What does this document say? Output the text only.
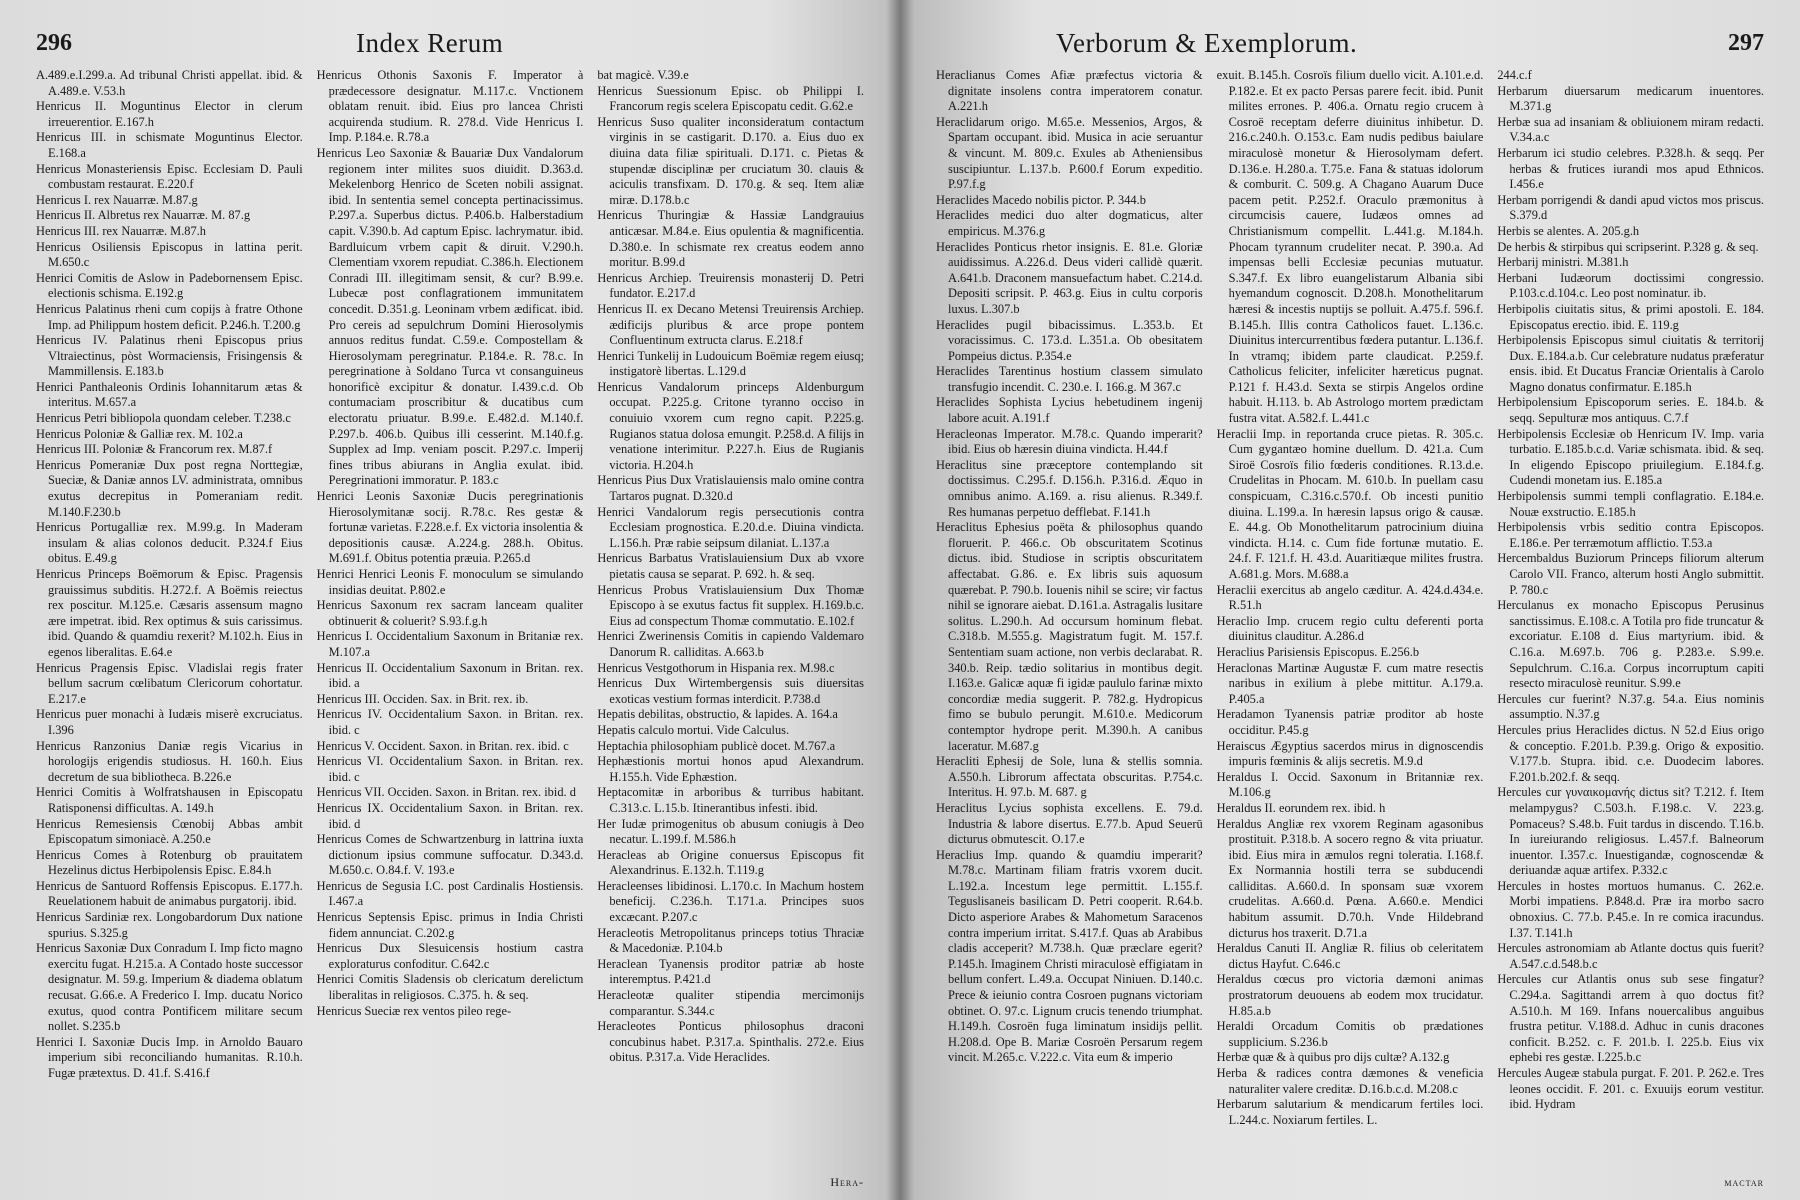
296	Index Rerum

A.489.e.I.299.a. Ad tribunal Christi appellat. ibid. & A.489.e. V.53.h

Henricus II. Moguntinus Elector in clerum irreuerentior. E.167.h

Henricus III. in schismate Moguntinus Elector. E.168.a

Henricus Monasteriensis Episc. Ecclesiam D. Pauli combustam restaurat. E.220.f

Henricus I. rex Nauarræ. M.87.g

Henricus II. Albretus rex Nauarræ. M. 87.g

Henricus III. rex Nauarræ. M.87.h

Henricus Osiliensis Episcopus in lattina perit. M.650.c

Henrici Comitis de Aslow in Padebornensem Episc. electionis schisma. E.192.g

Henricus Palatinus rheni cum copijs à fratre Othone Imp. ad Philippum hostem deficit. P.246.h. T.200.g

Henricus IV. Palatinus rheni Episcopus prius Vltraiectinus, pòst Wormaciensis, Frisingensis & Mammillensis. E.183.b

Henrici Panthaleonis Ordinis Iohannitarum ætas & interitus. M.657.a

Henricus Petri bibliopola quondam celeber. T.238.c

Henricus Poloniæ & Galliæ rex. M. 102.a

Henricus III. Poloniæ & Francorum rex. M.87.f

Henricus Pomeraniæ Dux post regna Norttegiæ, Sueciæ, & Daniæ annos LV. administrata, omnibus exutus decrepitus in Pomeraniam redit. M.140.F.230.b

Henricus Portugalliæ rex. M.99.g. In Maderam insulam & alias colonos deducit. P.324.f Eius obitus. E.49.g

Henricus Princeps Boëmorum & Episc. Pragensis grauissimus subditis. H.272.f. A Boëmis reiectus rex poscitur. M.125.e. Cæsaris assensum magno ære impetrat. ibid. Rex optimus & suis carissimus. ibid. Quando & quamdiu rexerit? M.102.h. Eius in egenos liberalitas. E.64.e

Henricus Pragensis Episc. Vladislai regis frater bellum sacrum cœlibatum Clericorum cohortatur. E.217.e

Henricus puer monachi à Iudæis miserè excruciatus. I.396

Henricus Ranzonius Daniæ regis Vicarius in horologijs erigendis studiosus. H. 160.h. Eius decretum de sua bibliotheca. B.226.e

Henrici Comitis à Wolfratshausen in Episcopatu Ratisponensi difficultas. A. 149.h

Henricus Remesiensis Cœnobij Abbas ambit Episcopatum simoniacè. A.250.e

Henricus Comes à Rotenburg ob prauitatem Hezelinus dictus Herbipolensis Episc. E.84.h

Henricus de Santuord Roffensis Episcopus. E.177.h. Reuelationem habuit de animabus purgatorij. ibid.

Henricus Sardiniæ rex. Longobardorum Dux natione spurius. S.325.g

Henricus Saxoniæ Dux Conradum I. Imp ficto magno exercitu fugat. H.215.a. A Contado hoste successor designatur. M. 59.g. Imperium & diadema oblatum recusat. G.66.e. A Frederico I. Imp. ducatu Norico exutus, quod contra Pontificem militare secum nollet. S.235.b

Henrici I. Saxoniæ Ducis Imp. in Arnoldo Bauaro imperium sibi reconciliando humanitas. R.10.h. Fugæ prætextus. D. 41.f. S.416.f

Henricus Othonis Saxonis F. Imperator à prædecessore designatur. M.117.c. Vnctionem oblatam renuit. ibid. Eius pro lancea Christi acquirenda studium. R. 278.d. Vide Henricus I. Imp. P.184.e. R.78.a

Henricus Leo Saxoniæ & Bauariæ Dux Vandalorum regionem inter milites suos diuidit. D.363.d. Mekelenborg Henrico de Sceten nobili assignat. ibid. In sententia semel concepta pertinacissimus. P.297.a. Superbus dictus. P.406.b. Halberstadium capit. V.390.b. Ad captum Episc. lachrymatur. ibid. Bardluicum vrbem capit & diruit. V.290.h. Clementiam vxorem repudiat. C.386.h. Electionem Conradi III. illegitimam sensit, & cur? B.99.e. Lubecæ post conflagrationem immunitatem concedit. D.351.g. Leoninam vrbem ædificat. ibid. Pro cereis ad sepulchrum Domini Hierosolymis annuos reditus fundat. C.59.e. Compostellam & Hierosolymam peregrinatur. P.184.e. R. 78.c. In peregrinatione à Soldano Turca vt consanguineus honorificè excipitur & donatur. I.439.c.d. Ob contumaciam proscribitur & ducatibus cum electoratu priuatur. B.99.e. E.482.d. M.140.f. P.297.b. 406.b. Quibus illi cesserint. M.140.f.g. Supplex ad Imp. veniam poscit. P.297.c. Imperij fines tribus abiurans in Anglia exulat. ibid. Peregrinationi immoratur. P. 183.c

Henrici Leonis Saxoniæ Ducis peregrinationis Hierosolymitanæ socij. R.78.c. Res gestæ & fortunæ varietas. F.228.e.f. Ex victoria insolentia & depositionis causæ. A.224.g. 288.h. Obitus. M.691.f. Obitus potentia præuia. P.265.d

Henrici Henrici Leonis F. monoculum se simulando insidias deuitat. P.802.e

Henricus Saxonum rex sacram lanceam qualiter obtinuerit & coluerit? S.93.f.g.h

Henricus I. Occidentalium Saxonum in Britaniæ rex. M.107.a

Henricus II. Occidentalium Saxonum in Britan. rex. ibid. a

Henricus III. Occiden. Sax. in Brit. rex. ib.

Henricus IV. Occidentalium Saxon. in Britan. rex. ibid. c

Henricus V. Occident. Saxon. in Britan. rex. ibid. c

Henricus VI. Occidentalium Saxon. in Britan. rex. ibid. c

Henricus VII. Occiden. Saxon. in Britan. rex. ibid. d

Henricus IX. Occidentalium Saxon. in Britan. rex. ibid. d

Henricus Comes de Schwartzenburg in lattrina iuxta dictionum ipsius commune suffocatur. D.343.d. M.650.c. O.84.f. V. 193.e

Henricus de Segusia I.C. post Cardinalis Hostiensis. I.467.a

Henricus Septensis Episc. primus in India Christi fidem annunciat. C.202.g

Henricus Dux Slesuicensis hostium castra exploraturus confoditur. C.642.c

Henrici Comitis Sladensis ob clericatum derelictum liberalitas in religiosos. C.375. h. & seq.

Henricus Sueciæ rex ventos pileo rege-

bat magicè. V.39.e

Henricus Suessionum Episc. ob Philippi I. Francorum regis scelera Episcopatu cedit. G.62.e

Henricus Suso qualiter inconsideratum contactum virginis in se castigarit. D.170. a. Eius duo ex diuina data filiæ spirituali. D.171. c. Pietas & stupendæ disciplinæ per cruciatum 30. clauis & aciculis transfixam. D. 170.g. & seq. Item aliæ miræ. D.178.b.c

Henricus Thuringiæ & Hassiæ Landgrauius anticæsar. M.84.e. Eius opulentia & magnificentia. D.380.e. In schismate rex creatus eodem anno moritur. B.99.d

Henricus Archiep. Treuirensis monasterij D. Petri fundator. E.217.d

Henricus II. ex Decano Metensi Treuirensis Archiep. ædificijs pluribus & arce prope pontem Confluentinum extructa clarus. E.218.f

Henrici Tunkelij in Ludouicum Boëmiæ regem eiusq; instigatorè libertas. L.129.d

Henricus Vandalorum princeps Aldenburgum occupat. P.225.g. Critone tyranno occiso in conuiuio vxorem cum regno capit. P.225.g. Rugianos statua dolosa emungit. P.258.d. A filijs in venatione interimitur. P.227.h. Eius de Rugianis victoria. H.204.h

Henricus Pius Dux Vratislauiensis malo omine contra Tartaros pugnat. D.320.d

Henrici Vandalorum regis persecutionis contra Ecclesiam prognostica. E.20.d.e. Diuina vindicta. L.156.h. Præ rabie seipsum dilaniat. L.137.a

Henricus Barbatus Vratislauiensium Dux ab vxore pietatis causa se separat. P. 692. h. & seq.

Henricus Probus Vratislauiensium Dux Thomæ Episcopo à se exutus factus fit supplex. H.169.b.c. Eius ad conspectum Thomæ commutatio. E.102.f

Henrici Zwerinensis Comitis in capiendo Valdemaro Danorum R. calliditas. A.663.b

Henricus Vestgothorum in Hispania rex. M.98.c

Henricus Dux Wirtembergensis suis diuersitas exoticas vestium formas interdicit. P.738.d

Hepatis debilitas, obstructio, & lapides. A. 164.a

Hepatis calculo mortui. Vide Calculus.

Heptachia philosophiam publicè docet. M.767.a

Hephæstionis mortui honos apud Alexandrum. H.155.h. Vide Ephæstion.

Heptacomitæ in arboribus & turribus habitant. C.313.c. L.15.b. Itinerantibus infesti. ibid.

Her Iudæ primogenitus ob abusum coniugis à Deo necatur. L.199.f. M.586.h

Heracleas ab Origine conuersus Episcopus fit Alexandrinus. E.132.h. T.119.g

Heracleenses libidinosi. L.170.c. In Machum hostem beneficij. C.236.h. T.171.a. Principes suos excæcant. P.207.c

Heracleotis Metropolitanus princeps totius Thraciæ & Macedoniæ. P.104.b

Heraclean Tyanensis proditor patriæ ab hoste interemptus. P.421.d

Heracleotæ qualiter stipendia mercimonijs comparantur. S.344.c

Heracleotes Ponticus philosophus draconi concubinus habet. P.317.a. Spinthalis. 272.e. Eius obitus. P.317.a. Vide Heraclides.

Hera-
Verborum & Exemplorum.	297

Heraclianus Comes Afiæ præfectus victoria & dignitate insolens contra imperatorem conatur. A.221.h

Heraclidarum origo. M.65.e. Messenios, Argos, & Spartam occupant. ibid. Musica in acie seruantur & vincunt. M. 809.c. Exules ab Atheniensibus suscipiuntur. L.137.b. P.600.f Eorum expeditio. P.97.f.g

Heraclides Macedo nobilis pictor. P. 344.b

Heraclides medici duo alter dogmaticus, alter empiricus. M.376.g

Heraclides Ponticus rhetor insignis. E. 81.e. Gloriæ auidissimus. A.226.d. Deus videri callidè quærit. A.641.b. Draconem mansuefactum habet. C.214.d. Depositi scripsit. P. 463.g. Eius in cultu corporis luxus. L.307.b

Heraclides pugil bibacissimus. L.353.b. Et voracissimus. C. 173.d. L.351.a. Ob obesitatem Pompeius dictus. P.354.e

Heraclides Tarentinus hostium classem simulato transfugio incendit. C. 230.e. I. 166.g. M 367.c

Heraclides Sophista Lycius hebetudinem ingenij labore acuit. A.191.f

Heracleonas Imperator. M.78.c. Quando imperarit? ibid. Eius ob hæresin diuina vindicta. H.44.f

Heraclitus sine præceptore contemplando sit doctissimus. C.295.f. D.156.h. P.316.d. Æquo in omnibus animo. A.169. a. risu alienus. R.349.f. Res humanas perpetuo defflebat. F.141.h

Heraclitus Ephesius poëta & philosophus quando floruerit. P. 466.c. Ob obscuritatem Scotinus dictus. ibid. Studiose in scriptis obscuritatem affectabat. G.86. e. Ex libris suis aquosum quærebat. P. 790.b. Iouenis nihil se scire; vir factus nihil se ignorare aiebat. D.161.a. Astragalis lusitare solitus. L.290.h. Ad occursum hominum flebat. C.318.b. M.555.g. Magistratum fugit. M. 157.f. Sententiam suam actione, non verbis declarabat. R. 340.b. Reip. tædio solitarius in montibus degit. I.163.e. Galicæ aquæ fi igidæ paululo farinæ mixto concordiæ media suggerit. P. 782.g. Hydropicus fimo se bubulo perungit. M.610.e. Medicorum contemptor hydrope perit. M.390.h. A canibus laceratur. M.687.g

Heracliti Ephesij de Sole, luna & stellis somnia. A.550.h. Librorum affectata obscuritas. P.754.c. Interitus. H. 97.b. M. 687. g

Heraclitus Lycius sophista excellens. E. 79.d. Industria & labore disertus. E.77.b. Apud Seuerū dicturus obmutescit. O.17.e

Heraclius Imp. quando & quamdiu imperarit? M.78.c. Martinam filiam fratris vxorem ducit. L.192.a. Incestum lege permittit. L.155.f. Teguslisaneis basilicam D. Petri cooperit. R.64.b. Dicto asperiore Arabes & Mahometum Saracenos contra imperium irritat. S.417.f. Quas ab Arabibus cladis acceperit? M.738.h. Quæ præclare egerit? P.145.h. Imaginem Christi miraculosè effigiatam in bellum confert. L.49.a. Occupat Niniuen. D.140.c. Prece & ieiunio contra Cosroen pugnans victoriam obtinet. O. 97.c. Lignum crucis tenendo triumphat. H.149.h. Cosroën fuga liminatum insidijs pellit. H.208.d. Ope B. Mariæ Cosroën Persarum regem vincit. M.265.c. V.222.c. Vita eum & imperio

exuit. B.145.h. Cosroïs filium duello vicit. A.101.e.d. P.182.e. Et ex pacto Persas parere fecit. ibid. Punit milites errones. P. 406.a. Ornatu regio crucem à Cosroë receptam deferre diuinitus inhibetur. D. 216.c.240.h. O.153.c. Eam nudis pedibus baiulare miraculosè monetur & Hierosolymam defert. D.136.e. H.280.a. T.75.e. Fana & statuas idolorum & comburit. C. 509.g. A Chagano Auarum Duce pacem petit. P.252.f. Oraculo præmonitus à circumcisis cauere, Iudæos omnes ad Christianismum compellit. L.441.g. M.184.h. Phocam tyrannum crudeliter necat. P. 390.a. Ad impensas belli Ecclesiæ pecunias mutuatur. S.347.f. Ex libro euangelistarum Albania sibi hyemandum cognoscit. D.208.h. Monothelitarum hæresi & incestis nuptijs se polluit. A.475.f. 596.f. B.145.h. Illis contra Catholicos fauet. L.136.c. Diuinitus intercurrentibus fœdera putantur. L.136.f. In vtramq; ibidem parte claudicat. P.259.f. Catholicus feliciter, infeliciter hæreticus pugnat. P.121 f. H.43.d. Sexta se stirpis Angelos ordine habuit. H.113. b. Ab Astrologo mortem prædictam fustra vitat. A.582.f. L.441.c

Heraclii Imp. in reportanda cruce pietas. R. 305.c. Cum gygantæo homine duellum. D. 421.a. Cum Siroë Cosroïs filio fœderis conditiones. R.13.d.e. Crudelitas in Phocam. M. 610.b. In puellam casu conspicuam, C.316.c.570.f. Ob incesti punitio diuina. L.199.a. In hæresin lapsus origo & causæ. E. 44.g. Ob Monothelitarum patrocinium diuina vindicta. H.14. c. Cum fide fortunæ mutatio. E. 24.f. F. 121.f. H. 43.d. Auaritiæque milites frustra. A.681.g. Mors. M.688.a

Heraclii exercitus ab angelo cæditur. A. 424.d.434.e. R.51.h

Heraclio Imp. crucem regio cultu deferenti porta diuinitus clauditur. A.286.d

Heraclius Parisiensis Episcopus. E.256.b

Heraclonas Martinæ Augustæ F. cum matre resectis naribus in exilium à plebe mittitur. A.179.a. P.405.a

Heradamon Tyanensis patriæ proditor ab hoste occiditur. P.45.g

Heraiscus Ægyptius sacerdos mirus in dignoscendis impuris fœminis & alijs secretis. M.9.d

Heraldus I. Occid. Saxonum in Britanniæ rex. M.106.g

Heraldus II. eorundem rex. ibid. h

Heraldus Angliæ rex vxorem Reginam agasonibus prostituit. P.318.b. A socero regno & vita priuatur. ibid. Eius mira in æmulos regni toleratia. I.168.f. Ex Normannia hostili terra se subducendi calliditas. A.660.d. In sponsam suæ vxorem crudelitas. A.660.d. Pœna. A.660.e. Mendici habitum assumit. D.70.h. Vnde Hildebrand dicturus hos traxerit. D.71.a

Heraldus Canuti II. Angliæ R. filius ob celeritatem dictus Hayfut. C.646.c

Heraldus cœcus pro victoria dæmoni animas prostratorum deuouens ab eodem mox trucidatur. H.85.a.b

Heraldi Orcadum Comitis ob prædationes supplicium. S.236.b

Herbæ quæ & à quibus pro dijs cultæ? A.132.g

Herba & radices contra dæmones & veneficia naturaliter valere creditæ. D.16.b.c.d. M.208.c

Herbarum salutarium & mendicarum fertiles loci. L.244.c. Noxiarum fertiles. L.

244.c.f

Herbarum diuersarum medicarum inuentores. M.371.g

Herbæ sua ad insaniam & obliuionem miram redacti. V.34.a.c

Herbarum ici studio celebres. P.328.h. & seqq. Per herbas & frutices iurandi mos apud Ethnicos. I.456.e

Herbam porrigendi & dandi apud victos mos priscus. S.379.d

Herbis se alentes. A. 205.g.h

De herbis & stirpibus qui scripserint. P.328 g. & seq.

Herbarij ministri. M.381.h

Herbani Iudæorum doctissimi congressio. P.103.c.d.104.c. Leo post nominatur. ib.

Herbipolis ciuitatis situs, & primi apostoli. E. 184. Episcopatus erectio. ibid. E. 119.g

Herbipolensis Episcopus simul ciuitatis & territorij Dux. E.184.a.b. Cur celebrature nudatus præferatur ensis. ibid. Et Ducatus Franciæ Orientalis à Carolo Magno donatus confirmatur. E.185.h

Herbipolensium Episcoporum series. E. 184.b. & seqq. Sepulturæ mos antiquus. C.7.f

Herbipolensis Ecclesiæ ob Henricum IV. Imp. varia turbatio. E.185.b.c.d. Variæ schismata. ibid. & seq. In eligendo Episcopo priuilegium. E.184.f.g. Cudendi monetam ius. E.185.a

Herbipolensis summi templi conflagratio. E.184.e. Nouæ exstructio. E.185.h

Herbipolensis vrbis seditio contra Episcopos. E.186.e. Per terræmotum afflictio. T.53.a

Hercembaldus Buziorum Princeps filiorum alterum Carolo VII. Franco, alterum hosti Anglo submittit. P. 780.c

Herculanus ex monacho Episcopus Perusinus sanctissimus. E.108.c. A Totila pro fide truncatur & excoriatur. E.108 d. Eius martyrium. ibid. & C.16.a. M.697.b. 706 g. P.283.e. S.99.e. Sepulchrum. C.16.a. Corpus incorruptum capiti resecto miraculosè reunitur. S.99.e

Hercules cur fuerint? N.37.g. 54.a. Eius nominis assumptio. N.37.g

Hercules prius Heraclides dictus. N 52.d Eius origo & conceptio. F.201.b. P.39.g. Origo & expositio. V.177.b. Stupra. ibid. c.e. Duodecim labores. F.201.b.202.f. & seqq.

Hercules cur γυναικομανής dictus sit? T.212. f. Item melampygus? C.503.h. F.198.c. V. 223.g. Pomaceus? S.48.b. Fuit tardus in discendo. T.16.b. In iureiurando religiosus. L.457.f. Balneorum inuentor. I.357.c. Inuestigandæ, cognoscendæ & deriuandæ aquæ artifex. P.332.c

Hercules in hostes mortuos humanus. C. 262.e. Morbi impatiens. P.848.d. Præ ira morbo sacro obnoxius. C. 77.b. P.45.e. In re comica iracundus. I.37. T.141.h

Hercules astronomiam ab Atlante doctus quis fuerit? A.547.c.d.548.b.c

Hercules cur Atlantis onus sub sese fingatur? C.294.a. Sagittandi arrem à quo doctus fit? A.510.h. M 169. Infans nouercalibus anguibus frustra petitur. V.188.d. Adhuc in cunis dracones conficit. B.252. c. F. 201.b. I. 225.b. Eius vix ephebi res gestæ. I.225.b.c

Hercules Augeæ stabula purgat. F. 201. P. 262.e. Tres leones occidit. F. 201. c. Exuuijs eorum vestitur. ibid. Hydram

mactar
